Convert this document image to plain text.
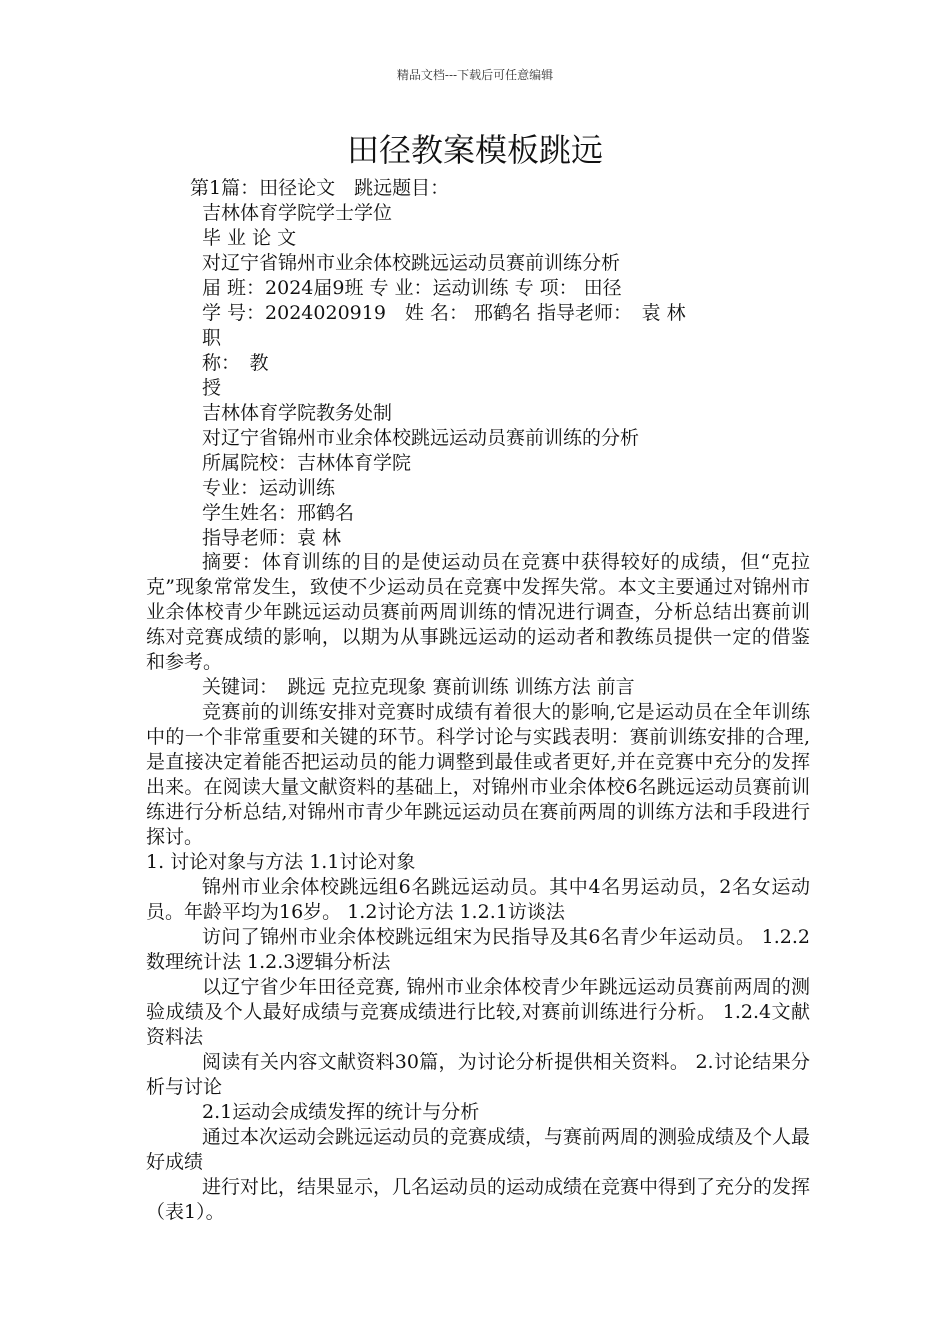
精品文档---下载后可任意编辑
田径教案模板跳远
第1篇：田径论文　跳远题目：
吉林体育学院学士学位
毕 业 论 文
对辽宁省锦州市业余体校跳远运动员赛前训练分析
届 班：2024届9班 专 业：运动训练 专 项： 田径
学 号：2024020919　姓 名： 邢鹤名 指导老师：　袁 林
职
称：　教
授
吉林体育学院教务处制
对辽宁省锦州市业余体校跳远运动员赛前训练的分析
所属院校：吉林体育学院
专业：运动训练
学生姓名：邢鹤名
指导老师：袁 林

摘要：体育训练的目的是使运动员在竞赛中获得较好的成绩，但“克拉克”现象常常发生，致使不少运动员在竞赛中发挥失常。本文主要通过对锦州市业余体校青少年跳远运动员赛前两周训练的情况进行调查，分析总结出赛前训练对竞赛成绩的影响，以期为从事跳远运动的运动者和教练员提供一定的借鉴和参考。

关键词：　跳远 克拉克现象 赛前训练 训练方法 前言

竞赛前的训练安排对竞赛时成绩有着很大的影响,它是运动员在全年训练中的一个非常重要和关键的环节。科学讨论与实践表明：赛前训练安排的合理,是直接决定着能否把运动员的能力调整到最佳或者更好,并在竞赛中充分的发挥出来。在阅读大量文献资料的基础上，对锦州市业余体校6名跳远运动员赛前训练进行分析总结,对锦州市青少年跳远运动员在赛前两周的训练方法和手段进行探讨。

1. 讨论对象与方法 1.1讨论对象

锦州市业余体校跳远组6名跳远运动员。其中4名男运动员，2名女运动员。年龄平均为16岁。 1.2讨论方法 1.2.1访谈法

访问了锦州市业余体校跳远组宋为民指导及其6名青少年运动员。 1.2.2数理统计法 1.2.3逻辑分析法

以辽宁省少年田径竞赛, 锦州市业余体校青少年跳远运动员赛前两周的测验成绩及个人最好成绩与竞赛成绩进行比较,对赛前训练进行分析。 1.2.4文献资料法

阅读有关内容文献资料30篇，为讨论分析提供相关资料。 2.讨论结果分析与讨论

2.1运动会成绩发挥的统计与分析

通过本次运动会跳远运动员的竞赛成绩，与赛前两周的测验成绩及个人最好成绩

进行对比，结果显示，几名运动员的运动成绩在竞赛中得到了充分的发挥（表1）。
